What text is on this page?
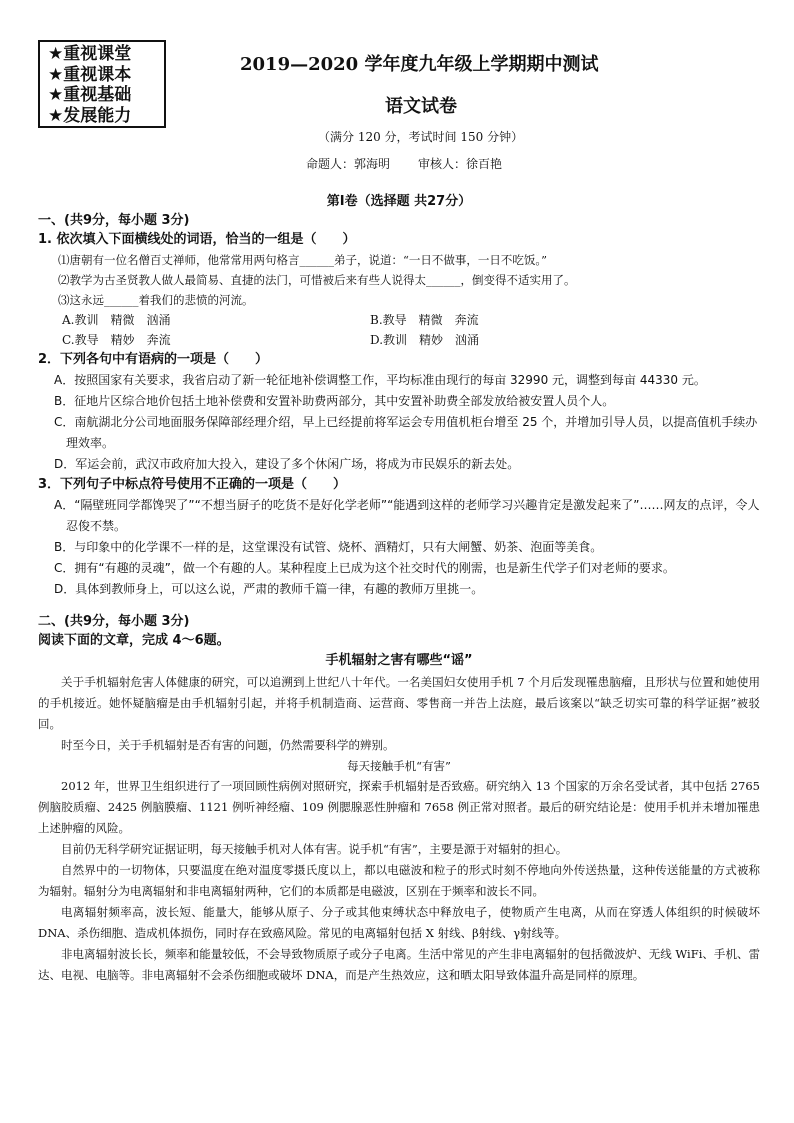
★重视课堂
★重视课本
★重视基础
★发展能力
2019—2020 学年度九年级上学期期中测试
语文试卷
（满分 120 分，考试时间 150 分钟）
命题人：郭海明 审核人：徐百艳
第Ⅰ卷（选择题 共27分）
一、(共9分，每小题 3分)
1. 依次填入下面横线处的词语，恰当的一组是（　　）
⑴唐朝有一位名僧百丈禅师，他常常用两句格言______弟子，说道：“一日不做事，一日不吃饭。”
⑵教学为古圣贤教人做人最简易、直捷的法门，可惜被后来有些人说得太______，倒变得不适实用了。
⑶这永远______着我们的悲愤的河流。
A.教训　精微　汹涌	B.教导　精微　奔流
C.教导　精妙　奔流	D.教训　精妙　汹涌
2．下列各句中有语病的一项是（　　）
A．按照国家有关要求，我省启动了新一轮征地补偿调整工作，平均标准由现行的每亩 32990 元，调整到每亩 44330 元。
B．征地片区综合地价包括土地补偿费和安置补助费两部分，其中安置补助费全部发放给被安置人员个人。
C．南航湖北分公司地面服务保障部经理介绍，早上已经提前将军运会专用值机柜台增至 25 个，并增加引导人员，以提高值机手续办理效率。
D．军运会前，武汉市政府加大投入，建设了多个休闲广场，将成为市民娱乐的新去处。
3．下列句子中标点符号使用不正确的一项是（　　）
A．“隔壁班同学都馋哭了”“不想当厨子的吃货不是好化学老师”“能遇到这样的老师学习兴趣肯定是激发起来了”……网友的点评，令人忍俊不禁。
B．与印象中的化学课不一样的是，这堂课没有试管、烧杯、酒精灯，只有大闸蟹、奶茶、泡面等美食。
C．拥有“有趣的灵魂”，做一个有趣的人。某种程度上已成为这个社交时代的刚需，也是新生代学子们对老师的要求。
D．具体到教师身上，可以这么说，严肃的教师千篇一律，有趣的教师万里挑一。
二、(共9分，每小题 3分)
阅读下面的文章，完成 4～6题。
手机辐射之害有哪些“谣”
关于手机辐射危害人体健康的研究，可以追溯到上世纪八十年代。一名美国妇女使用手机 7 个月后发现罹患脑瘤，且形状与位置和她使用的手机接近。她怀疑脑瘤是由手机辐射引起，并将手机制造商、运营商、零售商一并告上法庭，最后该案以“缺乏切实可靠的科学证据”被驳回。
时至今日，关于手机辐射是否有害的问题，仍然需要科学的辨别。
每天接触手机“有害”
2012 年，世界卫生组织进行了一项回顾性病例对照研究，探索手机辐射是否致癌。研究纳入 13 个国家的万余名受试者，其中包括 2765 例脑胶质瘤、2425 例脑膜瘤、1121 例听神经瘤、109 例腮腺恶性肿瘤和 7658 例正常对照者。最后的研究结论是：使用手机并未增加罹患上述肿瘤的风险。
目前仍无科学研究证据证明，每天接触手机对人体有害。说手机“有害”，主要是源于对辐射的担心。
自然界中的一切物体，只要温度在绝对温度零摄氏度以上，都以电磁波和粒子的形式时刻不停地向外传送热量，这种传送能量的方式被称为辐射。辐射分为电离辐射和非电离辐射两种，它们的本质都是电磁波，区别在于频率和波长不同。
电离辐射频率高，波长短、能量大，能够从原子、分子或其他束缚状态中释放电子，使物质产生电离，从而在穿透人体组织的时候破坏 DNA、杀伤细胞、造成机体损伤，同时存在致癌风险。常见的电离辐射包括 X 射线、β射线、γ射线等。
非电离辐射波长长，频率和能量较低，不会导致物质原子或分子电离。生活中常见的产生非电离辐射的包括微波炉、无线 WiFi、手机、雷达、电视、电脑等。非电离辐射不会杀伤细胞或破坏 DNA，而是产生热效应，这和晒太阳导致体温升高是同样的原理。
